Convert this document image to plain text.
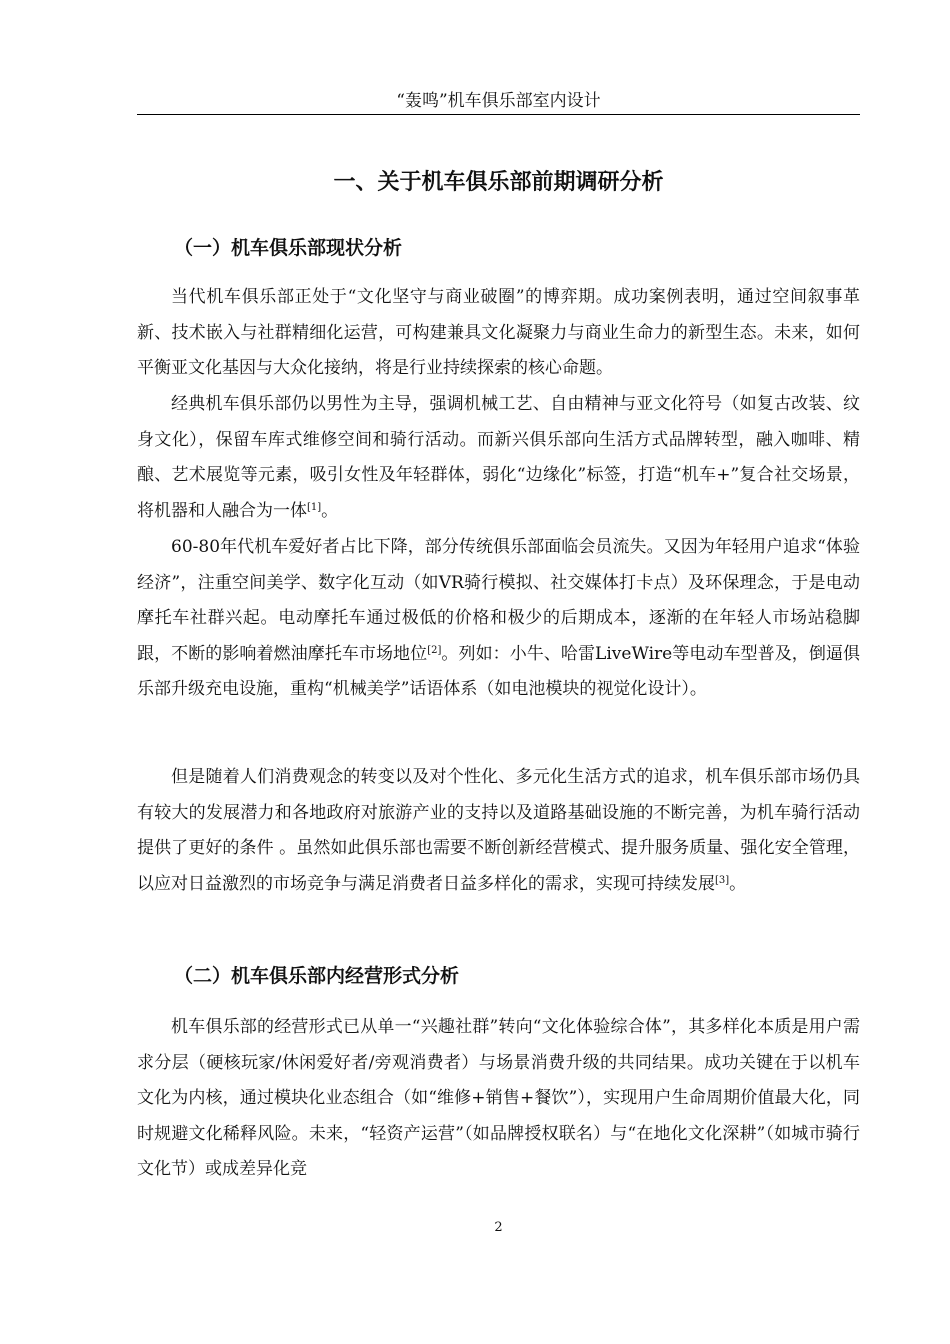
“轰鸣”机车俱乐部室内设计
一、关于机车俱乐部前期调研分析
（一）机车俱乐部现状分析

当代机车俱乐部正处于“文化坚守与商业破圈”的博弈期。成功案例表明，通过空间叙事革新、技术嵌入与社群精细化运营，可构建兼具文化凝聚力与商业生命力的新型生态。未来，如何平衡亚文化基因与大众化接纳，将是行业持续探索的核心命题。

经典机车俱乐部仍以男性为主导，强调机械工艺、自由精神与亚文化符号（如复古改装、纹身文化），保留车库式维修空间和骑行活动。而新兴俱乐部向生活方式品牌转型，融入咖啡、精酿、艺术展览等元素，吸引女性及年轻群体，弱化“边缘化”标签，打造“机车+”复合社交场景，将机器和人融合为一体[1]。

60-80年代机车爱好者占比下降，部分传统俱乐部面临会员流失。又因为年轻用户追求“体验经济”，注重空间美学、数字化互动（如VR骑行模拟、社交媒体打卡点）及环保理念，于是电动摩托车社群兴起。电动摩托车通过极低的价格和极少的后期成本，逐渐的在年轻人市场站稳脚跟，不断的影响着燃油摩托车市场地位[2]。列如：小牛、哈雷LiveWire等电动车型普及，倒逼俱乐部升级充电设施，重构“机械美学”话语体系（如电池模块的视觉化设计）。

但是随着人们消费观念的转变以及对个性化、多元化生活方式的追求，机车俱乐部市场仍具有较大的发展潜力和各地政府对旅游产业的支持以及道路基础设施的不断完善，为机车骑行活动提供了更好的条件 。虽然如此俱乐部也需要不断创新经营模式、提升服务质量、强化安全管理，以应对日益激烈的市场竞争与满足消费者日益多样化的需求，实现可持续发展[3]。

（二）机车俱乐部内经营形式分析

机车俱乐部的经营形式已从单一“兴趣社群”转向“文化体验综合体”，其多样化本质是用户需求分层（硬核玩家/休闲爱好者/旁观消费者）与场景消费升级的共同结果。成功关键在于以机车文化为内核，通过模块化业态组合（如“维修+销售+餐饮”），实现用户生命周期价值最大化，同时规避文化稀释风险。未来，“轻资产运营”（如品牌授权联名）与“在地化文化深耕”（如城市骑行文化节）或成差异化竞

2
